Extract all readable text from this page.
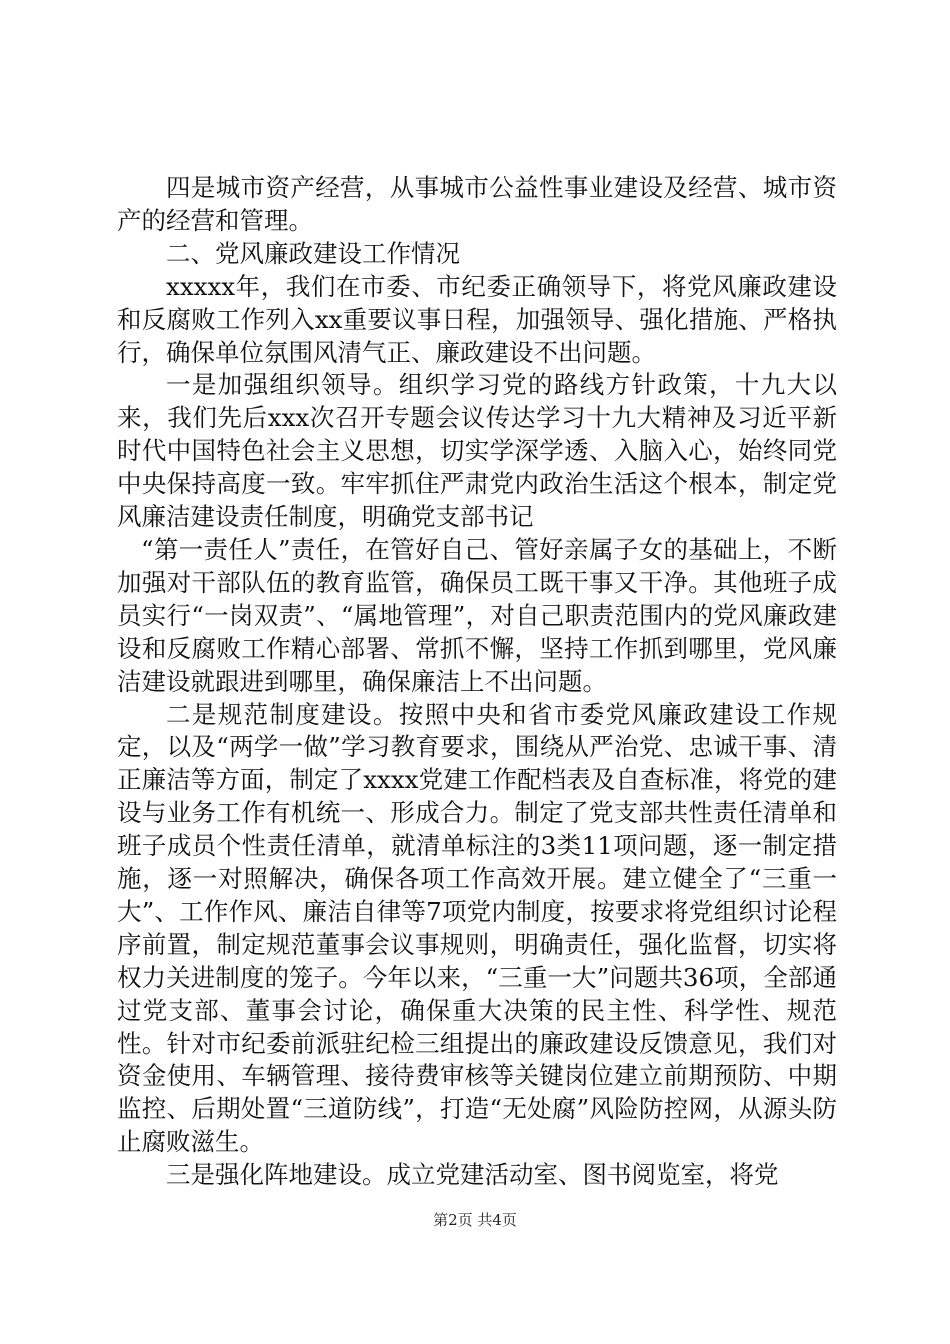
四是城市资产经营，从事城市公益性事业建设及经营、城市资产的经营和管理。

二、党风廉政建设工作情况

xxxxx年，我们在市委、市纪委正确领导下，将党风廉政建设和反腐败工作列入xx重要议事日程，加强领导、强化措施、严格执行，确保单位氛围风清气正、廉政建设不出问题。

一是加强组织领导。组织学习党的路线方针政策，十九大以来，我们先后xxx次召开专题会议传达学习十九大精神及习近平新时代中国特色社会主义思想，切实学深学透、入脑入心，始终同党中央保持高度一致。牢牢抓住严肃党内政治生活这个根本，制定党风廉洁建设责任制度，明确党支部书记

“第一责任人”责任，在管好自己、管好亲属子女的基础上，不断加强对干部队伍的教育监管，确保员工既干事又干净。其他班子成员实行“一岗双责”、“属地管理”，对自己职责范围内的党风廉政建设和反腐败工作精心部署、常抓不懈，坚持工作抓到哪里，党风廉洁建设就跟进到哪里，确保廉洁上不出问题。

二是规范制度建设。按照中央和省市委党风廉政建设工作规定，以及“两学一做”学习教育要求，围绕从严治党、忠诚干事、清正廉洁等方面，制定了xxxx党建工作配档表及自查标准，将党的建设与业务工作有机统一、形成合力。制定了党支部共性责任清单和班子成员个性责任清单，就清单标注的3类11项问题，逐一制定措施，逐一对照解决，确保各项工作高效开展。建立健全了“三重一大”、工作作风、廉洁自律等7项党内制度，按要求将党组织讨论程序前置，制定规范董事会议事规则，明确责任，强化监督，切实将权力关进制度的笼子。今年以来，“三重一大”问题共36项，全部通过党支部、董事会讨论，确保重大决策的民主性、科学性、规范性。针对市纪委前派驻纪检三组提出的廉政建设反馈意见，我们对资金使用、车辆管理、接待费审核等关键岗位建立前期预防、中期监控、后期处置“三道防线”，打造“无处腐”风险防控网，从源头防止腐败滋生。

三是强化阵地建设。成立党建活动室、图书阅览室，将党

第2页 共4页
